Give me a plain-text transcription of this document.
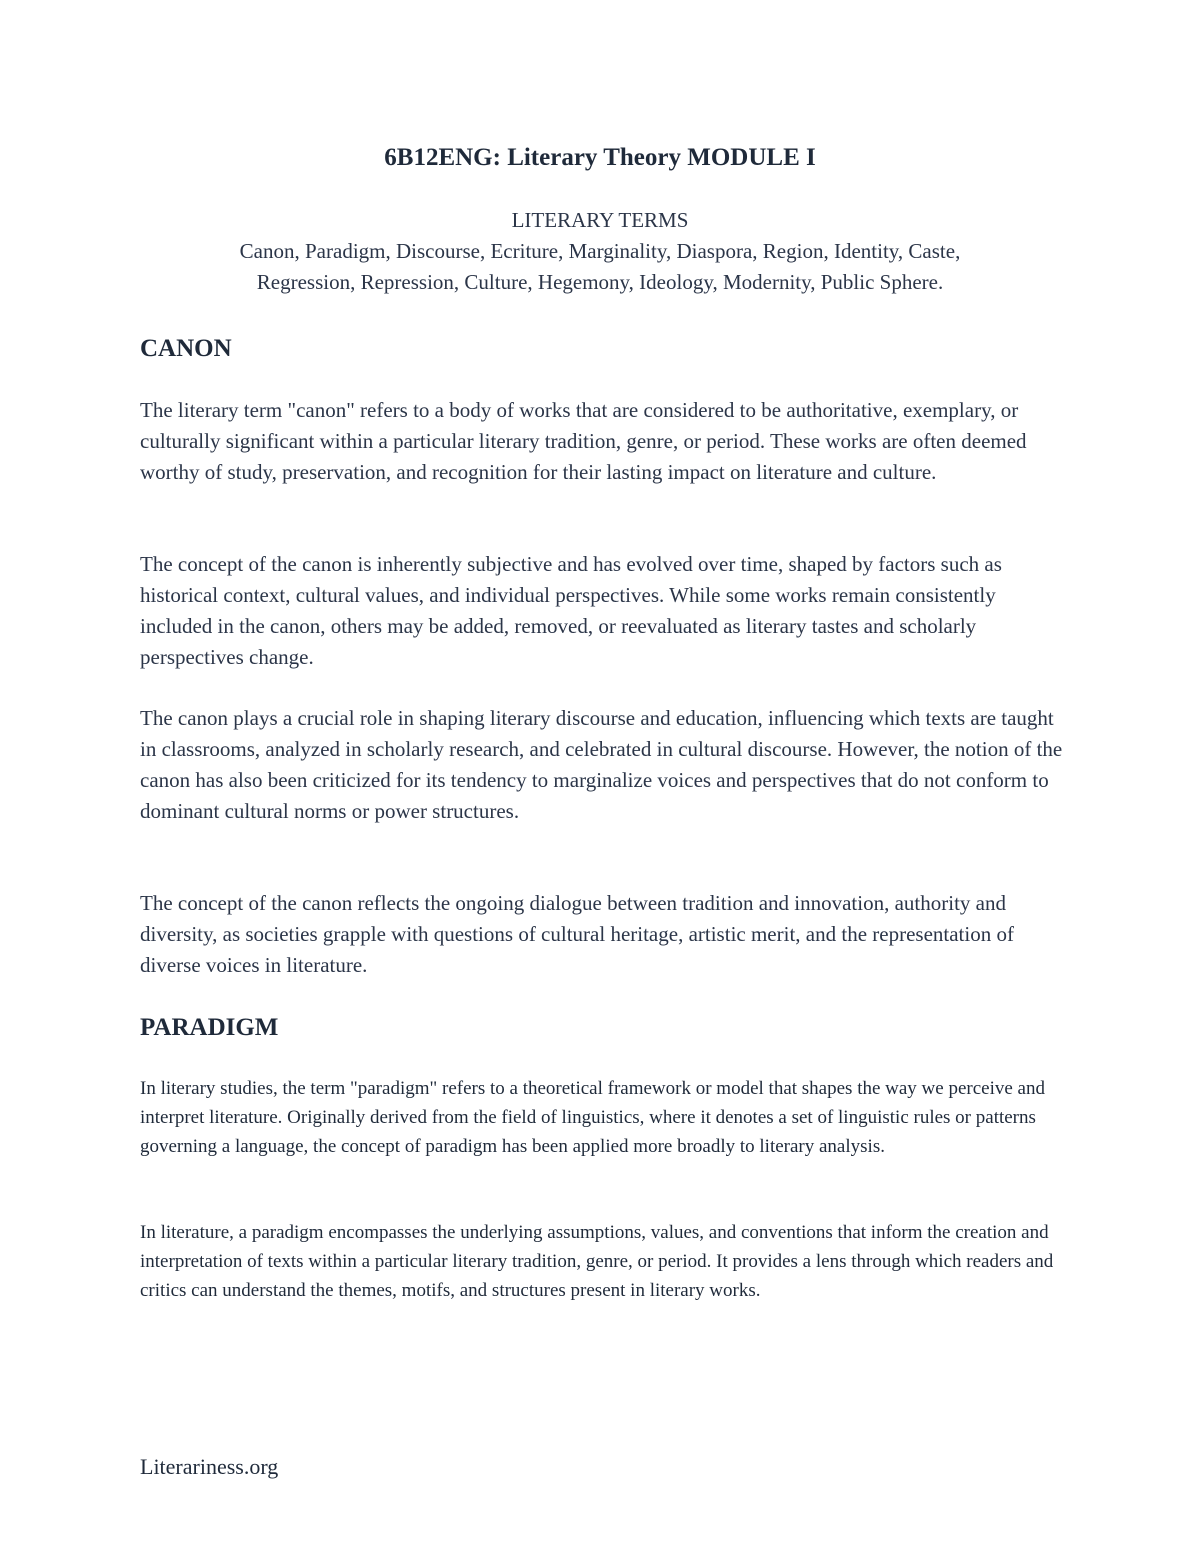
6B12ENG: Literary Theory MODULE I
LITERARY TERMS
Canon, Paradigm, Discourse, Ecriture, Marginality, Diaspora, Region, Identity, Caste, Regression, Repression, Culture, Hegemony, Ideology, Modernity, Public Sphere.
CANON

The literary term "canon" refers to a body of works that are considered to be authoritative, exemplary, or culturally significant within a particular literary tradition, genre, or period. These works are often deemed worthy of study, preservation, and recognition for their lasting impact on literature and culture.

The concept of the canon is inherently subjective and has evolved over time, shaped by factors such as historical context, cultural values, and individual perspectives. While some works remain consistently included in the canon, others may be added, removed, or reevaluated as literary tastes and scholarly perspectives change.

The canon plays a crucial role in shaping literary discourse and education, influencing which texts are taught in classrooms, analyzed in scholarly research, and celebrated in cultural discourse. However, the notion of the canon has also been criticized for its tendency to marginalize voices and perspectives that do not conform to dominant cultural norms or power structures.

The concept of the canon reflects the ongoing dialogue between tradition and innovation, authority and diversity, as societies grapple with questions of cultural heritage, artistic merit, and the representation of diverse voices in literature.

PARADIGM

In literary studies, the term "paradigm" refers to a theoretical framework or model that shapes the way we perceive and interpret literature. Originally derived from the field of linguistics, where it denotes a set of linguistic rules or patterns governing a language, the concept of paradigm has been applied more broadly to literary analysis.

In literature, a paradigm encompasses the underlying assumptions, values, and conventions that inform the creation and interpretation of texts within a particular literary tradition, genre, or period. It provides a lens through which readers and critics can understand the themes, motifs, and structures present in literary works.

Literariness.org
